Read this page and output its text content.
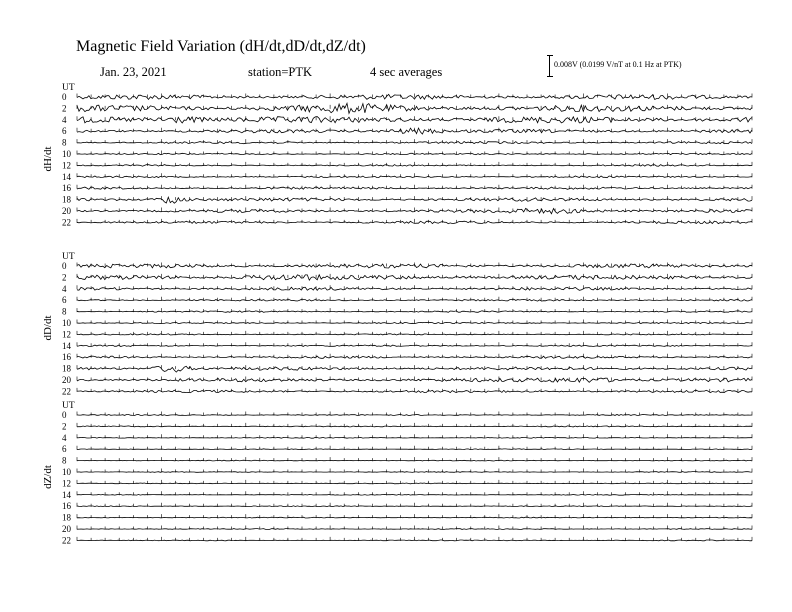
Magnetic Field Variation (dH/dt,dD/dt,dZ/dt)
Jan. 23, 2021	station=PTK	4 sec averages
0.008V (0.0199 V/nT at 0.1 Hz at PTK)
UT
dH/dt
0
2
4
6
8
10
12
14
16
18
20
22
UT
dD/dt
0
2
4
6
8
10
12
14
16
18
20
22
UT
dZ/dt
0
2
4
6
8
10
12
14
16
18
20
22
